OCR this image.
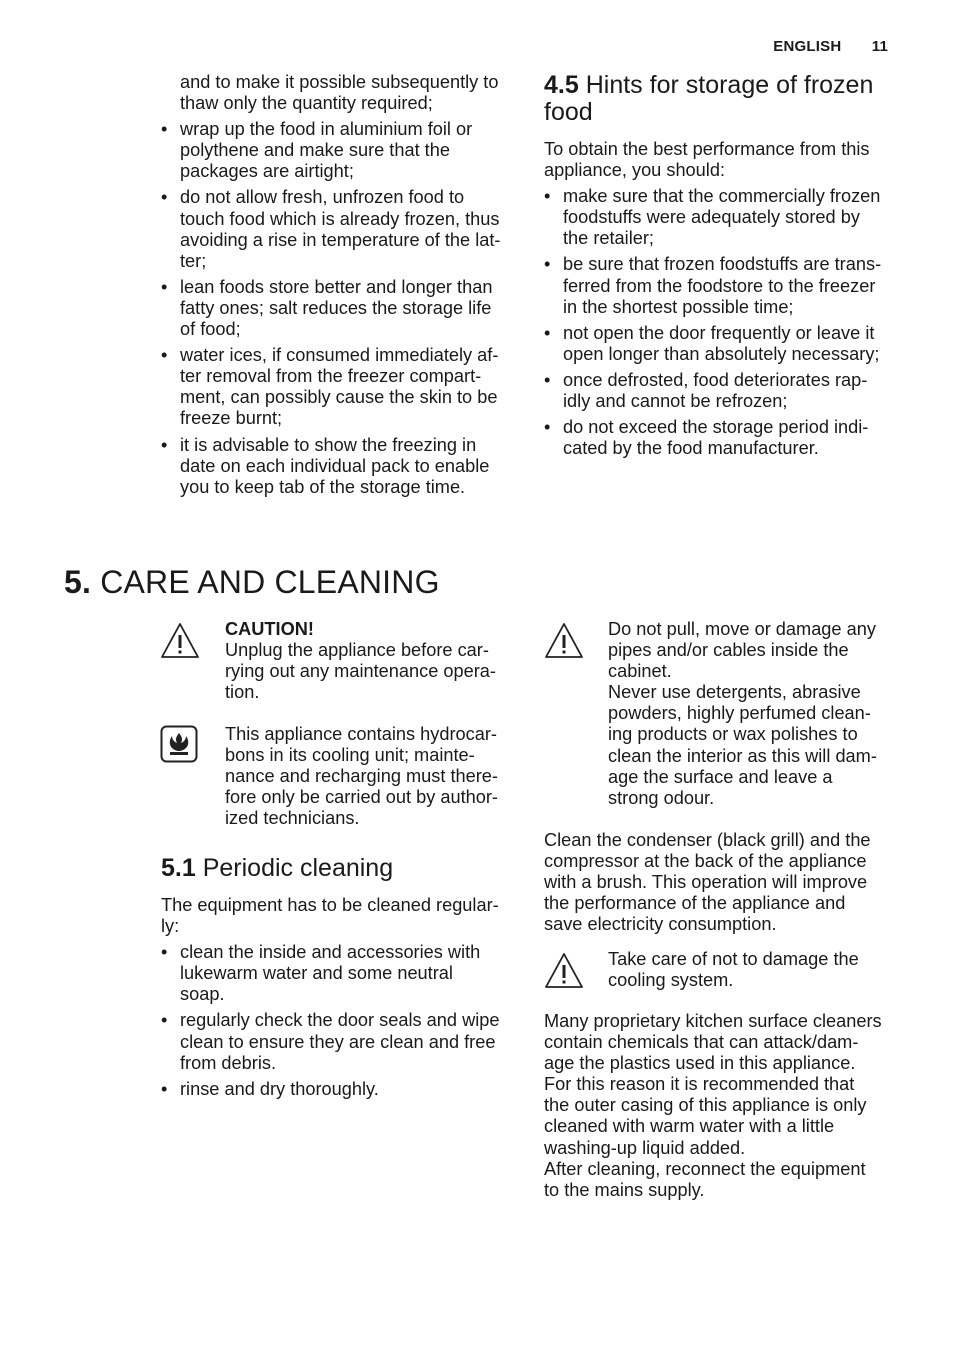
ENGLISH 11
and to make it possible subsequently to
thaw only the quantity required;
• wrap up the food in aluminium foil or
polythene and make sure that the
packages are airtight;
• do not allow fresh, unfrozen food to
touch food which is already frozen, thus
avoiding a rise in temperature of the lat-
ter;
• lean foods store better and longer than
fatty ones; salt reduces the storage life
of food;
• water ices, if consumed immediately af-
ter removal from the freezer compart-
ment, can possibly cause the skin to be
freeze burnt;
• it is advisable to show the freezing in
date on each individual pack to enable
you to keep tab of the storage time.
4.5 Hints for storage of frozen
food
To obtain the best performance from this
appliance, you should:
• make sure that the commercially frozen
foodstuffs were adequately stored by
the retailer;
• be sure that frozen foodstuffs are trans-
ferred from the foodstore to the freezer
in the shortest possible time;
• not open the door frequently or leave it
open longer than absolutely necessary;
• once defrosted, food deteriorates rap-
idly and cannot be refrozen;
• do not exceed the storage period indi-
cated by the food manufacturer.
5. CARE AND CLEANING
CAUTION!
Unplug the appliance before car-
rying out any maintenance opera-
tion.
This appliance contains hydrocar-
bons in its cooling unit; mainte-
nance and recharging must there-
fore only be carried out by author-
ized technicians.
5.1 Periodic cleaning
The equipment has to be cleaned regular-
ly:
• clean the inside and accessories with
lukewarm water and some neutral
soap.
• regularly check the door seals and wipe
clean to ensure they are clean and free
from debris.
• rinse and dry thoroughly.
Do not pull, move or damage any
pipes and/or cables inside the
cabinet.
Never use detergents, abrasive
powders, highly perfumed clean-
ing products or wax polishes to
clean the interior as this will dam-
age the surface and leave a
strong odour.
Clean the condenser (black grill) and the
compressor at the back of the appliance
with a brush. This operation will improve
the performance of the appliance and
save electricity consumption.
Take care of not to damage the
cooling system.
Many proprietary kitchen surface cleaners
contain chemicals that can attack/dam-
age the plastics used in this appliance.
For this reason it is recommended that
the outer casing of this appliance is only
cleaned with warm water with a little
washing-up liquid added.
After cleaning, reconnect the equipment
to the mains supply.
